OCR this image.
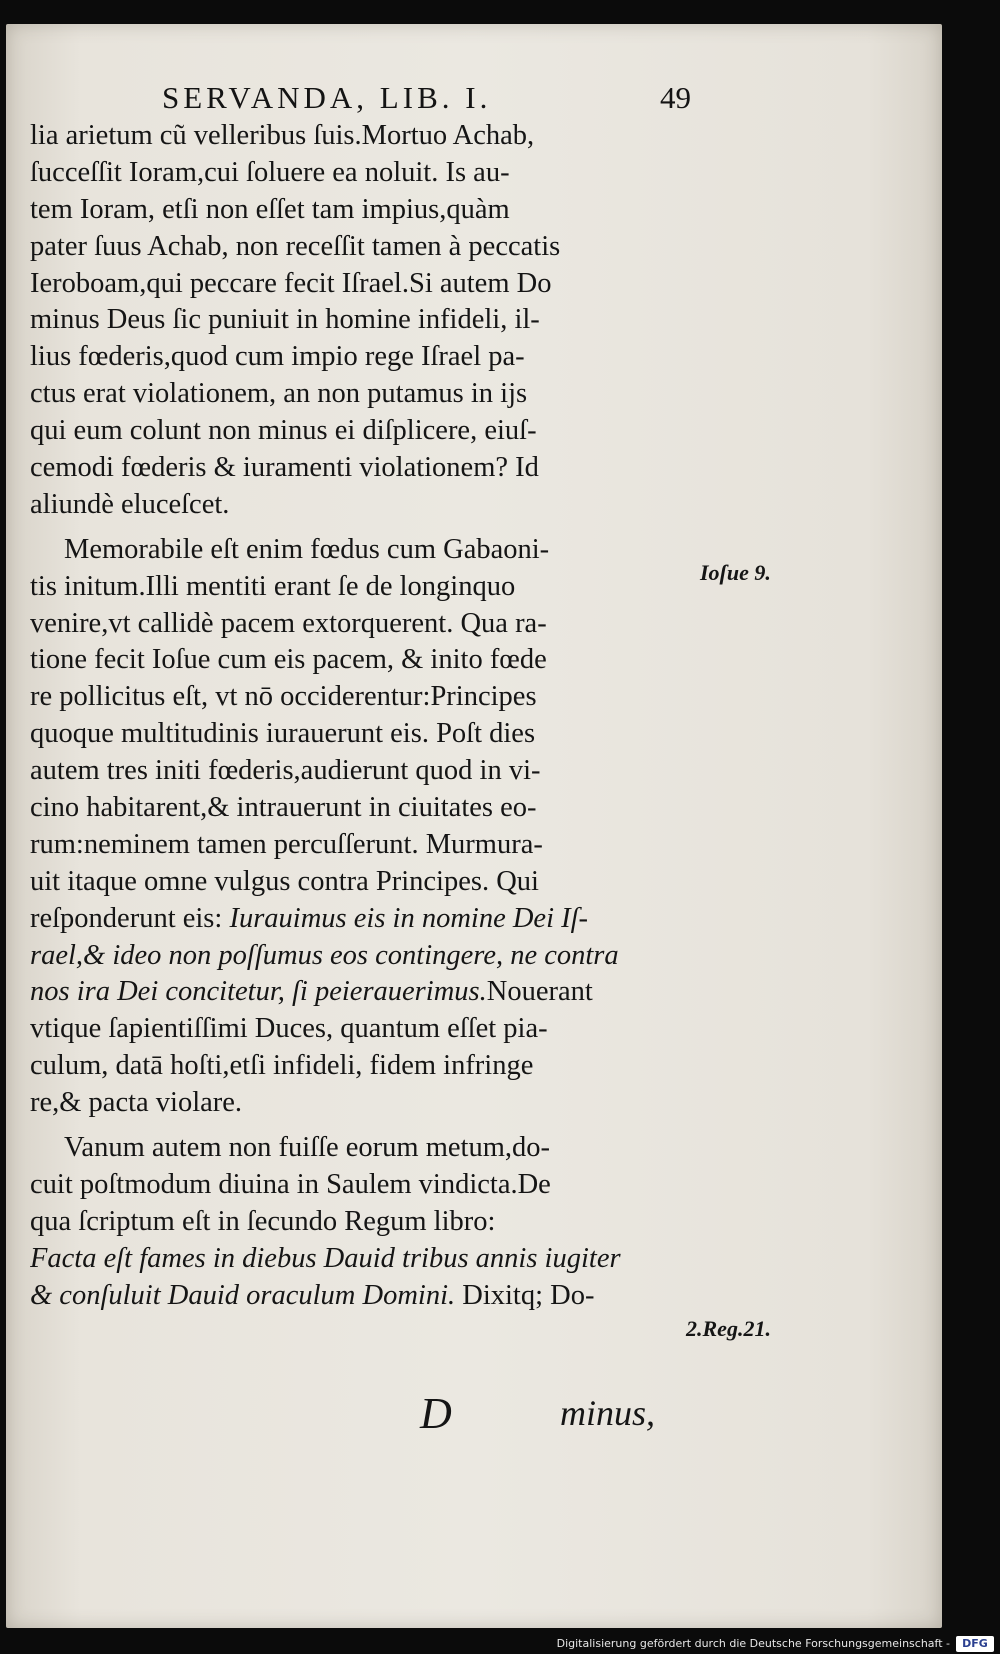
SERVANDA, LIB. I.	49
lia arietum cũ velleribus ſuis.Mortuo Achab,
ſucceſſit Ioram,cui ſoluere ea noluit. Is au-
tem Ioram, etſi non eſſet tam impius,quàm
pater ſuus Achab, non receſſit tamen à peccatis
Ieroboam,qui peccare fecit Iſrael.Si autem Do
minus Deus ſic puniuit in homine infideli, il-
lius fœderis,quod cum impio rege Iſrael pa-
ctus erat violationem, an non putamus in ijs
qui eum colunt non minus ei diſplicere, eiuſ-
cemodi fœderis & iuramenti violationem? Id
aliundè eluceſcet.
Memorabile eſt enim fœdus cum Gabaoni-
tis initum.Illi mentiti erant ſe de longinquo
venire,vt callidè pacem extorquerent. Qua ra-
tione fecit Ioſue cum eis pacem, & inito fœde
re pollicitus eſt, vt nō occiderentur:Principes
quoque multitudinis iurauerunt eis. Poſt dies
autem tres initi fœderis,audierunt quod in vi-
cino habitarent,& intrauerunt in ciuitates eo-
rum:neminem tamen percuſſerunt. Murmura-
uit itaque omne vulgus contra Principes. Qui
reſponderunt eis: Iurauimus eis in nomine Dei Iſ-
rael,& ideo non poſſumus eos contingere, ne contra
nos ira Dei concitetur, ſi peierauerimus.Nouerant
vtique ſapientiſſimi Duces, quantum eſſet pia-
culum, datā hoſti,etſi infideli, fidem infringe
re,& pacta violare.
Vanum autem non fuiſſe eorum metum,do-
cuit poſtmodum diuina in Saulem vindicta.De
qua ſcriptum eſt in ſecundo Regum libro:
Facta eſt fames in diebus Dauid tribus annis iugiter
& conſuluit Dauid oraculum Domini. Dixitq; Do-
Ioſue 9.
2.Reg.21.
D	minus,
Digitalisierung gefördert durch die Deutsche Forschungsgemeinschaft -	DFG
